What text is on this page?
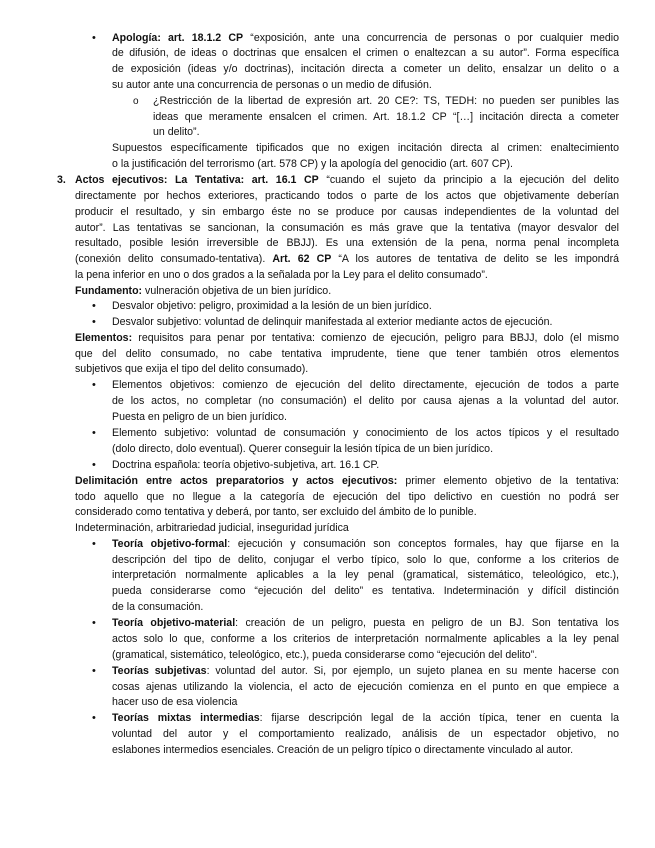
• Apología: art. 18.1.2 CP “exposición, ante una concurrencia de personas o por cualquier medio
de difusión, de ideas o doctrinas que ensalcen el crimen o enaltezcan a su autor”. Forma específica
de exposición (ideas y/o doctrinas), incitación directa a cometer un delito, ensalzar un delito o a
su autor ante una concurrencia de personas o un medio de difusión.
o ¿Restricción de la libertad de expresión art. 20 CE?: TS, TEDH: no pueden ser punibles las
ideas que meramente ensalcen el crimen. Art. 18.1.2 CP “[…] incitación directa a cometer
un delito”.
Supuestos específicamente tipificados que no exigen incitación directa al crimen: enaltecimiento
o la justificación del terrorismo (art. 578 CP) y la apología del genocidio (art. 607 CP).
3. Actos ejecutivos: La Tentativa: art. 16.1 CP “cuando el sujeto da principio a la ejecución del delito
directamente por hechos exteriores, practicando todos o parte de los actos que objetivamente deberían
producir el resultado, y sin embargo éste no se produce por causas independientes de la voluntad del
autor”. Las tentativas se sancionan, la consumación es más grave que la tentativa (mayor desvalor del
resultado, posible lesión irreversible de BBJJ). Es una extensión de la pena, norma penal incompleta
(conexión delito consumado-tentativa). Art. 62 CP “A los autores de tentativa de delito se les impondrá
la pena inferior en uno o dos grados a la señalada por la Ley para el delito consumado”.
Fundamento: vulneración objetiva de un bien jurídico.
• Desvalor objetivo: peligro, proximidad a la lesión de un bien jurídico.
• Desvalor subjetivo: voluntad de delinquir manifestada al exterior mediante actos de ejecución.
Elementos: requisitos para penar por tentativa: comienzo de ejecución, peligro para BBJJ, dolo (el mismo
que del delito consumado, no cabe tentativa imprudente, tiene que tener también otros elementos
subjetivos que exija el tipo del delito consumado).
• Elementos objetivos: comienzo de ejecución del delito directamente, ejecución de todos a parte
de los actos, no completar (no consumación) el delito por causa ajenas a la voluntad del autor.
Puesta en peligro de un bien jurídico.
• Elemento subjetivo: voluntad de consumación y conocimiento de los actos típicos y el resultado
(dolo directo, dolo eventual). Querer conseguir la lesión típica de un bien jurídico.
• Doctrina española: teoría objetivo-subjetiva, art. 16.1 CP.
Delimitación entre actos preparatorios y actos ejecutivos: primer elemento objetivo de la tentativa:
todo aquello que no llegue a la categoría de ejecución del tipo delictivo en cuestión no podrá ser
considerado como tentativa y deberá, por tanto, ser excluido del ámbito de lo punible.
Indeterminación, arbitrariedad judicial, inseguridad jurídica
• Teoría objetivo-formal: ejecución y consumación son conceptos formales, hay que fijarse en la
descripción del tipo de delito, conjugar el verbo típico, solo lo que, conforme a los criterios de
interpretación normalmente aplicables a la ley penal (gramatical, sistemático, teleológico, etc.),
pueda considerarse como “ejecución del delito” es tentativa. Indeterminación y difícil distinción
de la consumación.
• Teoría objetivo-material: creación de un peligro, puesta en peligro de un BJ. Son tentativa los
actos solo lo que, conforme a los criterios de interpretación normalmente aplicables a la ley penal
(gramatical, sistemático, teleológico, etc.), pueda considerarse como “ejecución del delito”.
• Teorías subjetivas: voluntad del autor. Si, por ejemplo, un sujeto planea en su mente hacerse con
cosas ajenas utilizando la violencia, el acto de ejecución comienza en el punto en que empiece a
hacer uso de esa violencia
• Teorías mixtas intermedias: fijarse descripción legal de la acción típica, tener en cuenta la
voluntad del autor y el comportamiento realizado, análisis de un espectador objetivo, no
eslabones intermedios esenciales. Creación de un peligro típico o directamente vinculado al autor.
